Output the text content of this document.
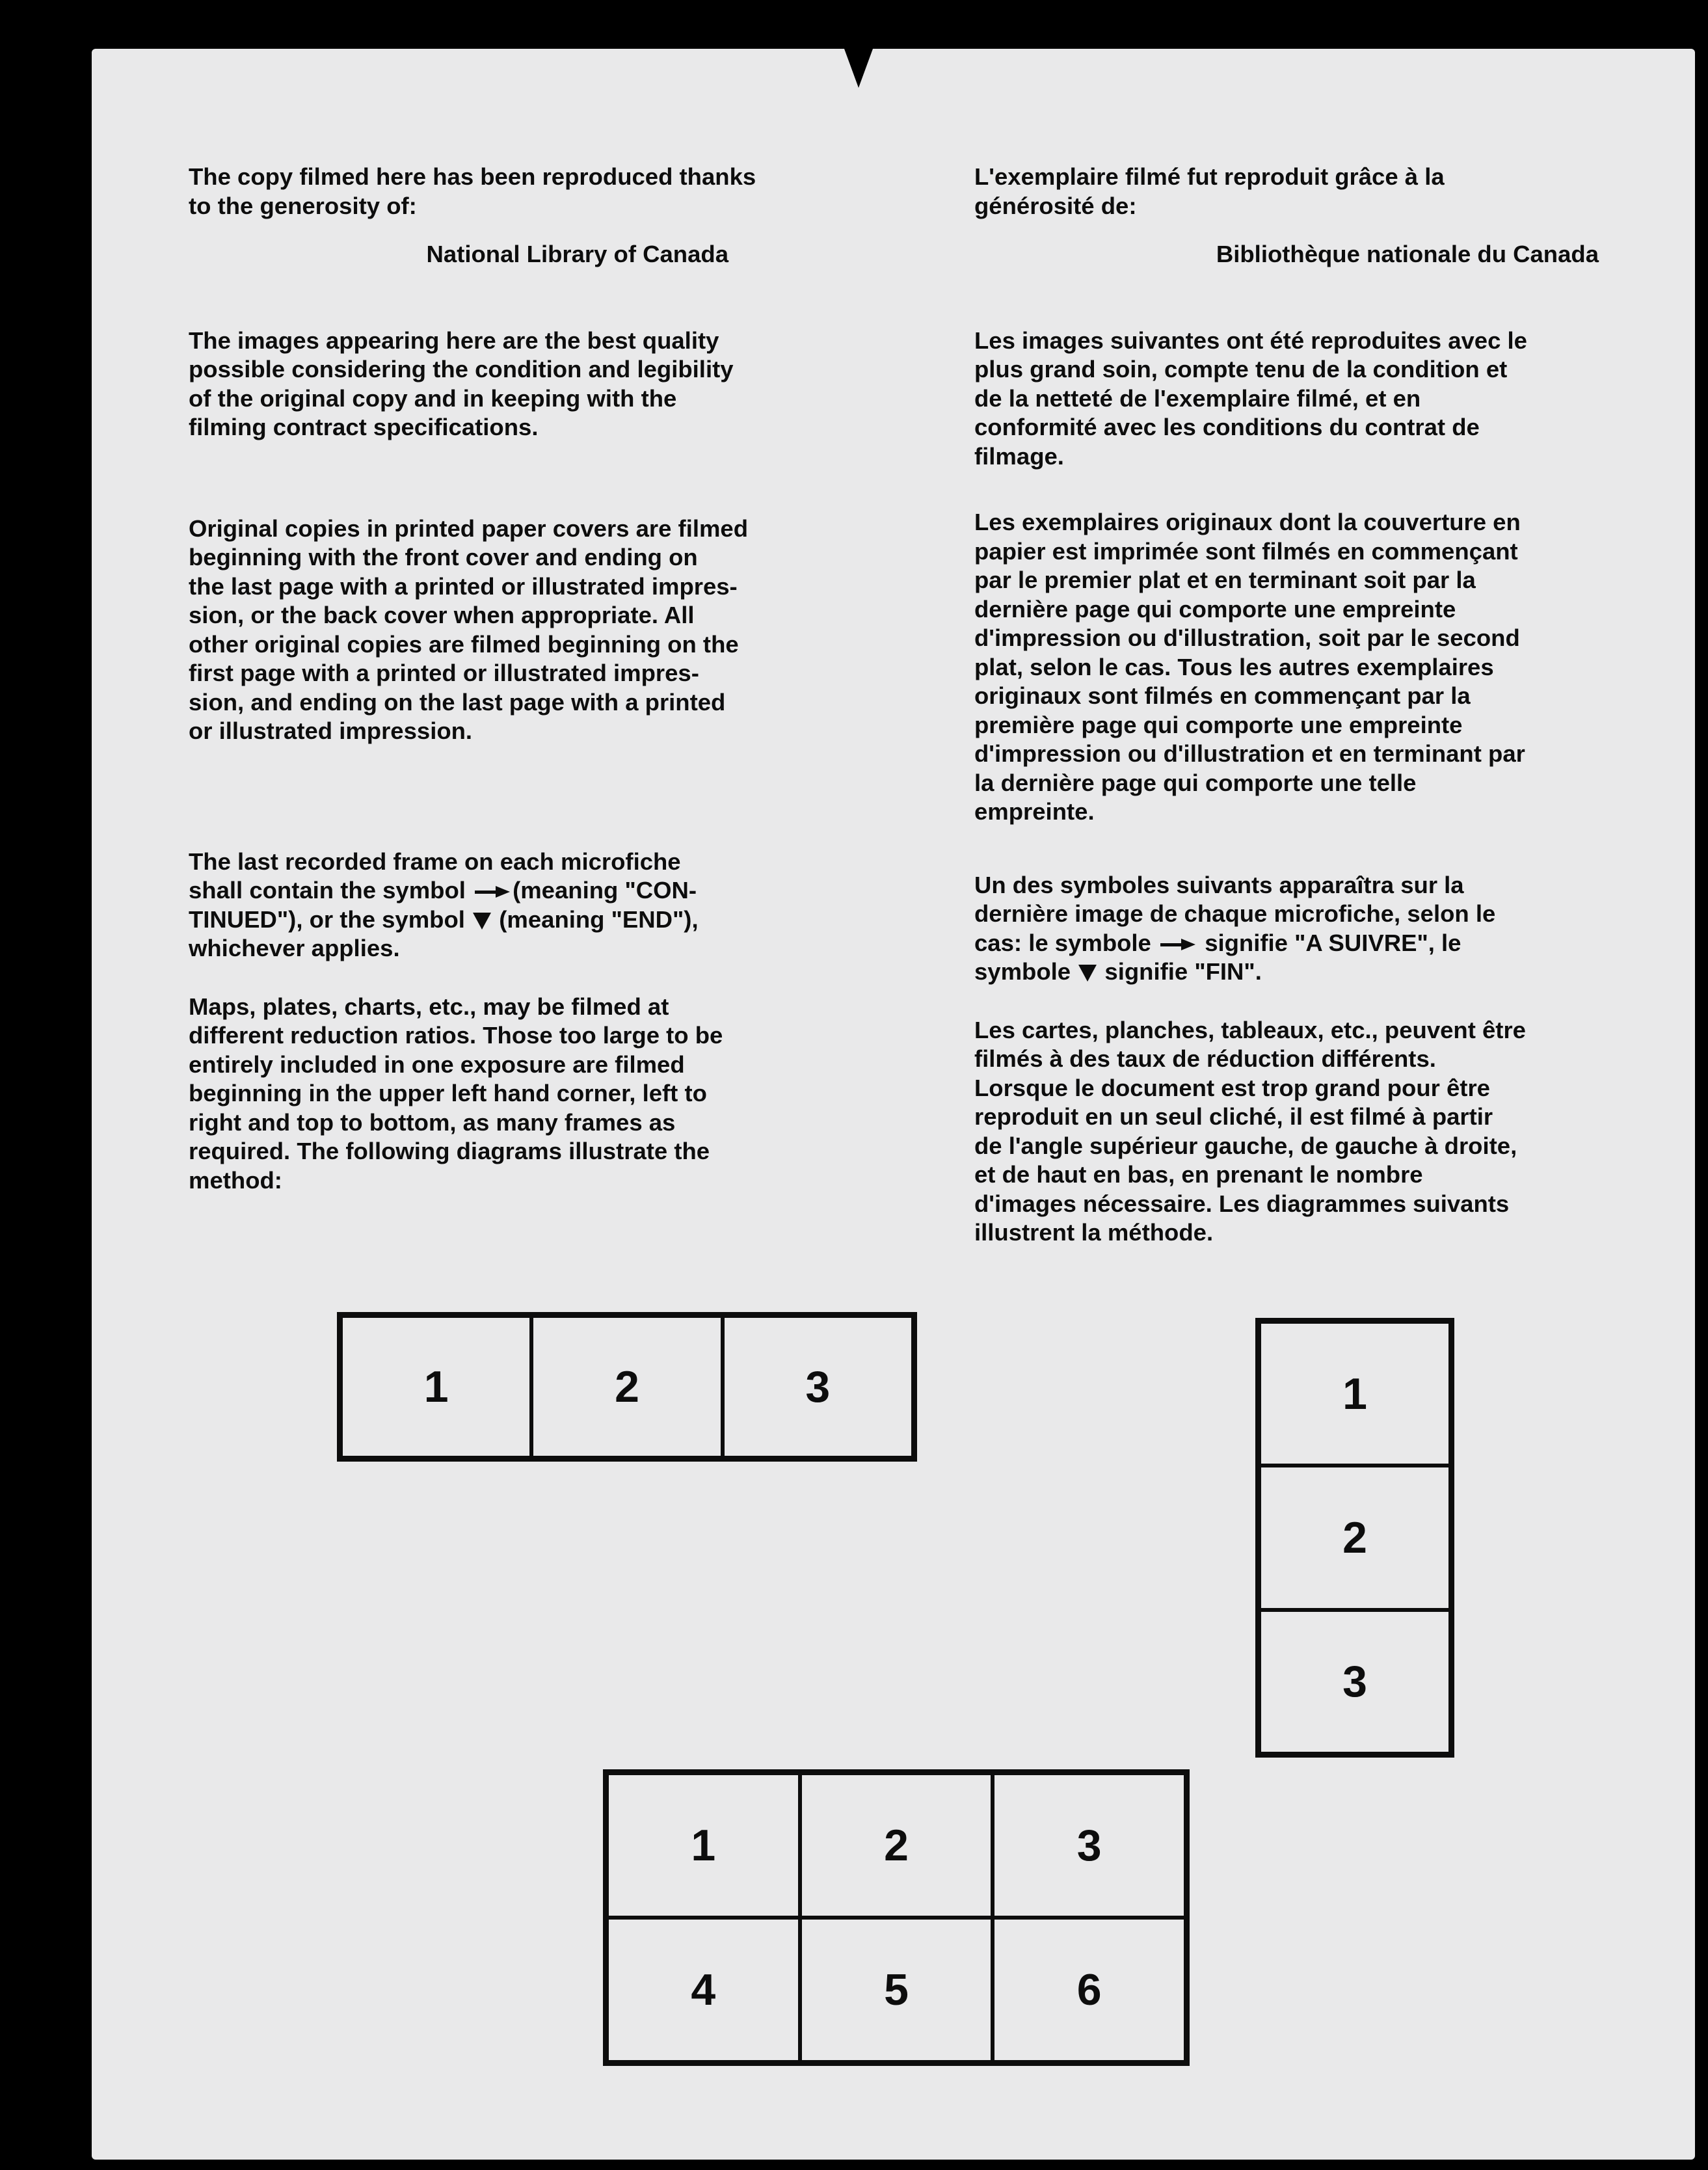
The copy filmed here has been reproduced thanks
to the generosity of:

National Library of Canada

The images appearing here are the best quality
possible considering the condition and legibility
of the original copy and in keeping with the
filming contract specifications.

Original copies in printed paper covers are filmed
beginning with the front cover and ending on
the last page with a printed or illustrated impres-
sion, or the back cover when appropriate. All
other original copies are filmed beginning on the
first page with a printed or illustrated impres-
sion, and ending on the last page with a printed
or illustrated impression.

The last recorded frame on each microfiche
shall contain the symbol (meaning "CON-
TINUED"), or the symbol (meaning "END"),
whichever applies.

Maps, plates, charts, etc., may be filmed at
different reduction ratios. Those too large to be
entirely included in one exposure are filmed
beginning in the upper left hand corner, left to
right and top to bottom, as many frames as
required. The following diagrams illustrate the
method:

L'exemplaire filmé fut reproduit grâce à la
générosité de:

Bibliothèque nationale du Canada

Les images suivantes ont été reproduites avec le
plus grand soin, compte tenu de la condition et
de la netteté de l'exemplaire filmé, et en
conformité avec les conditions du contrat de
filmage.

Les exemplaires originaux dont la couverture en
papier est imprimée sont filmés en commençant
par le premier plat et en terminant soit par la
dernière page qui comporte une empreinte
d'impression ou d'illustration, soit par le second
plat, selon le cas. Tous les autres exemplaires
originaux sont filmés en commençant par la
première page qui comporte une empreinte
d'impression ou d'illustration et en terminant par
la dernière page qui comporte une telle
empreinte.

Un des symboles suivants apparaîtra sur la
dernière image de chaque microfiche, selon le
cas: le symbole signifie "A SUIVRE", le
symbole signifie "FIN".

Les cartes, planches, tableaux, etc., peuvent être
filmés à des taux de réduction différents.
Lorsque le document est trop grand pour être
reproduit en un seul cliché, il est filmé à partir
de l'angle supérieur gauche, de gauche à droite,
et de haut en bas, en prenant le nombre
d'images nécessaire. Les diagrammes suivants
illustrent la méthode.

1	2	3	1
2
3
1	2	3
4	5	6
